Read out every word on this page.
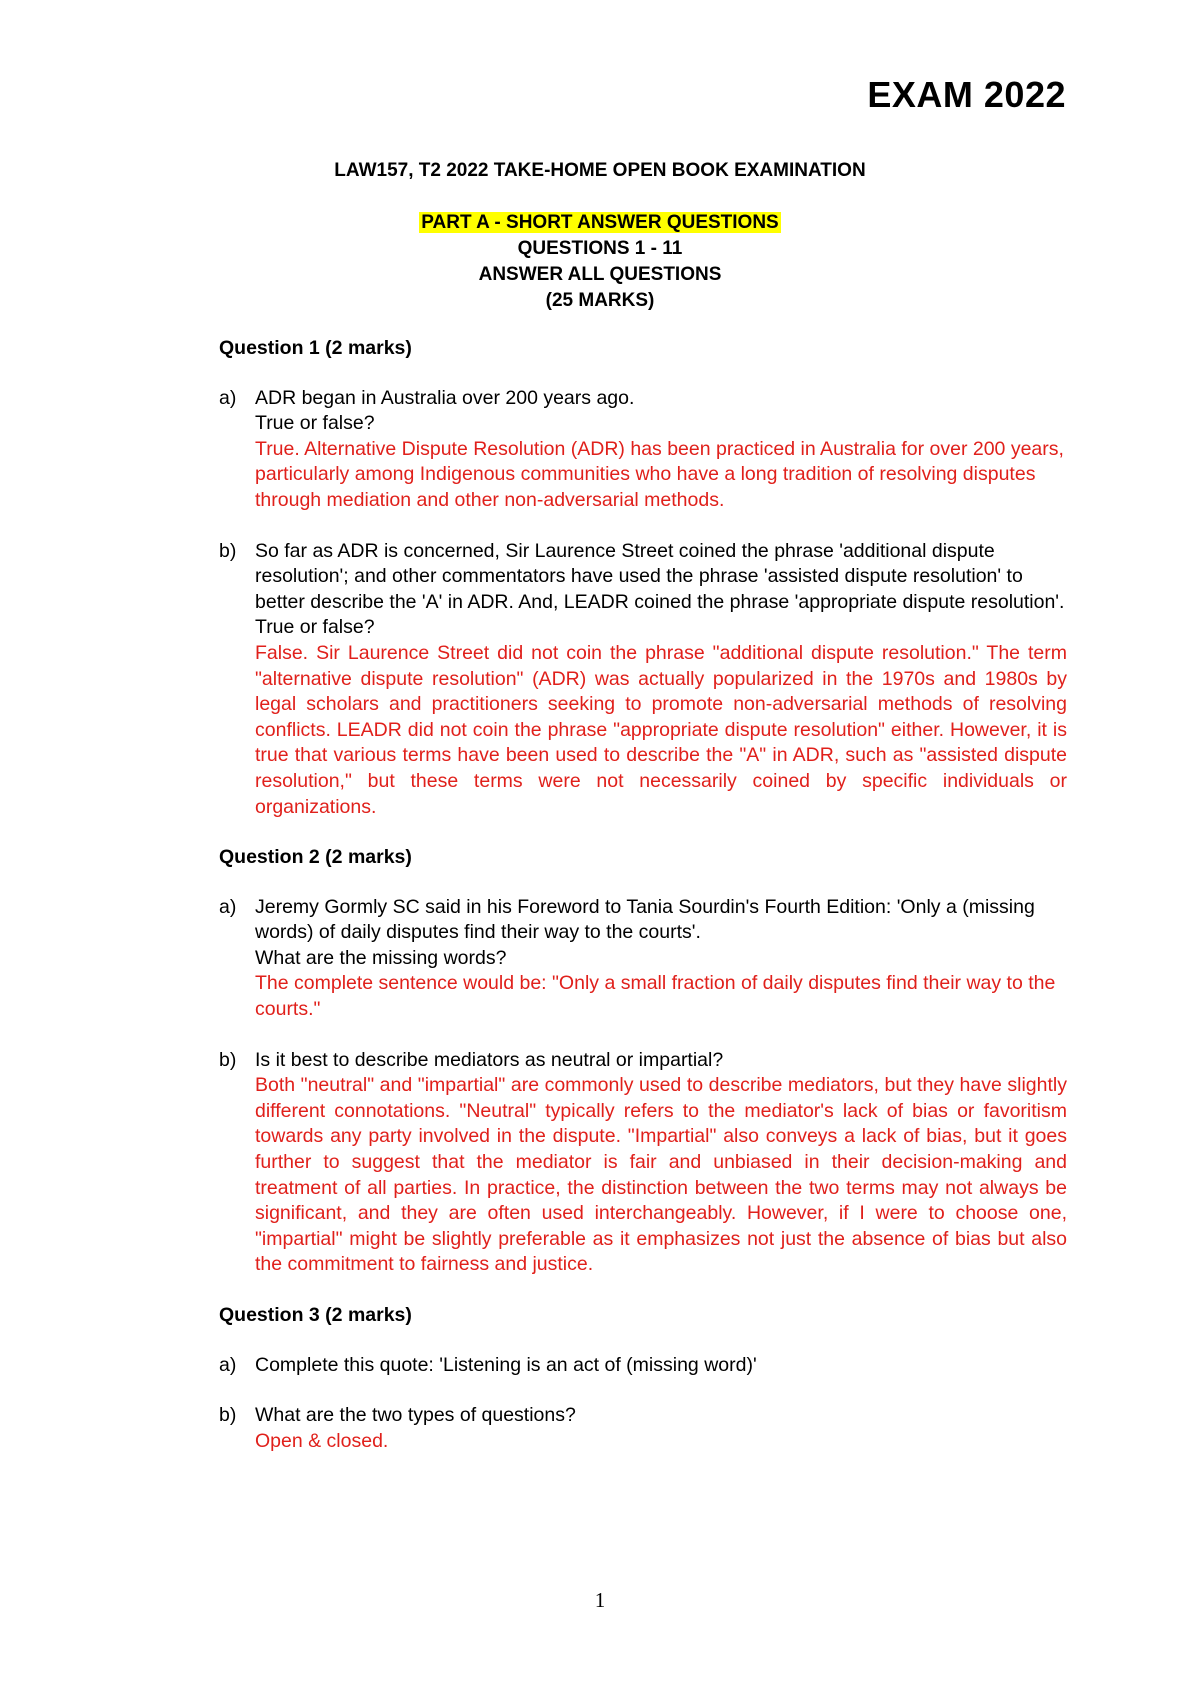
EXAM 2022
LAW157, T2 2022 TAKE-HOME OPEN BOOK EXAMINATION
PART A - SHORT ANSWER QUESTIONS
QUESTIONS 1 - 11
ANSWER ALL QUESTIONS
(25 MARKS)
Question 1 (2 marks)
a) ADR began in Australia over 200 years ago.
True or false?
True. Alternative Dispute Resolution (ADR) has been practiced in Australia for over 200 years, particularly among Indigenous communities who have a long tradition of resolving disputes through mediation and other non-adversarial methods.
b) So far as ADR is concerned, Sir Laurence Street coined the phrase 'additional dispute resolution'; and other commentators have used the phrase 'assisted dispute resolution' to better describe the 'A' in ADR. And, LEADR coined the phrase 'appropriate dispute resolution'.
True or false?
False. Sir Laurence Street did not coin the phrase "additional dispute resolution." The term "alternative dispute resolution" (ADR) was actually popularized in the 1970s and 1980s by legal scholars and practitioners seeking to promote non-adversarial methods of resolving conflicts. LEADR did not coin the phrase "appropriate dispute resolution" either. However, it is true that various terms have been used to describe the "A" in ADR, such as "assisted dispute resolution," but these terms were not necessarily coined by specific individuals or organizations.
Question 2 (2 marks)
a) Jeremy Gormly SC said in his Foreword to Tania Sourdin's Fourth Edition: 'Only a (missing words) of daily disputes find their way to the courts'.
What are the missing words?
The complete sentence would be: "Only a small fraction of daily disputes find their way to the courts."
b) Is it best to describe mediators as neutral or impartial?
Both "neutral" and "impartial" are commonly used to describe mediators, but they have slightly different connotations. "Neutral" typically refers to the mediator's lack of bias or favoritism towards any party involved in the dispute. "Impartial" also conveys a lack of bias, but it goes further to suggest that the mediator is fair and unbiased in their decision-making and treatment of all parties. In practice, the distinction between the two terms may not always be significant, and they are often used interchangeably. However, if I were to choose one, "impartial" might be slightly preferable as it emphasizes not just the absence of bias but also the commitment to fairness and justice.
Question 3 (2 marks)
a) Complete this quote: 'Listening is an act of (missing word)'
b) What are the two types of questions?
Open & closed.
1
